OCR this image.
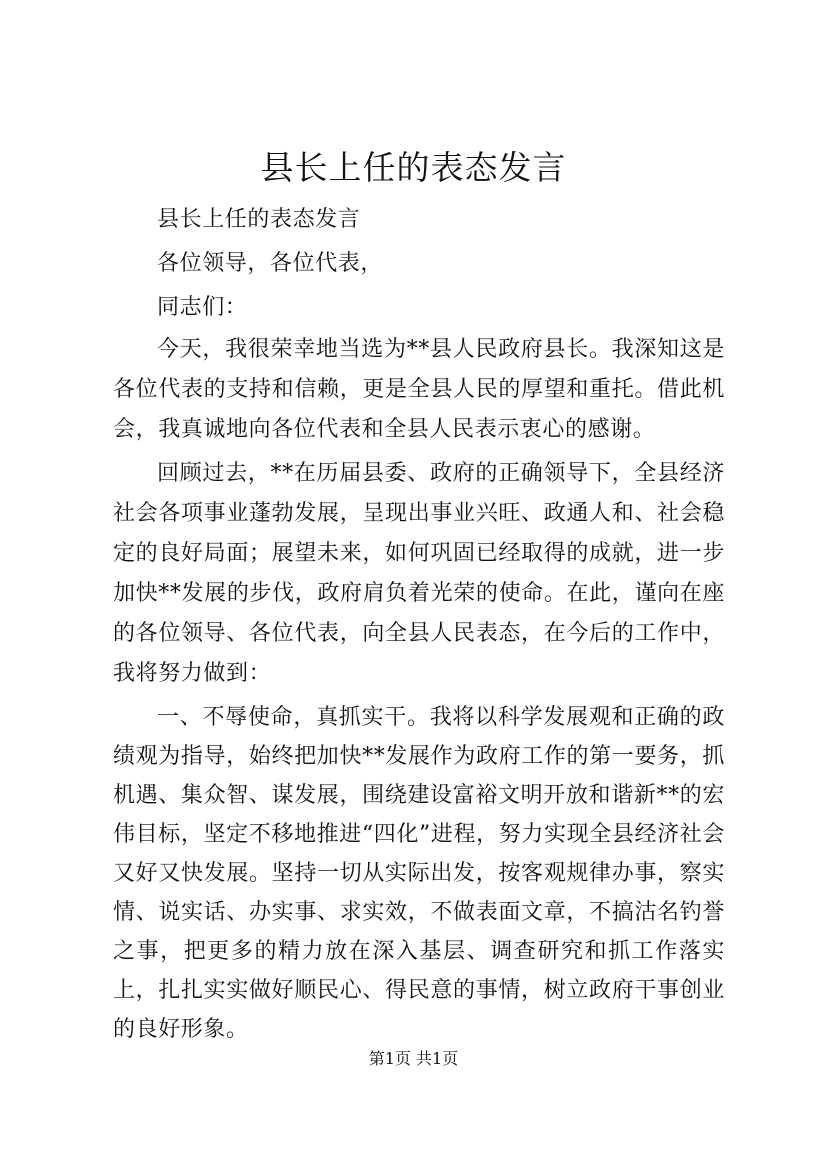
县长上任的表态发言

县长上任的表态发言

各位领导，各位代表，

同志们：

今天，我很荣幸地当选为**县人民政府县长。我深知这是各位代表的支持和信赖，更是全县人民的厚望和重托。借此机会，我真诚地向各位代表和全县人民表示衷心的感谢。

回顾过去，**在历届县委、政府的正确领导下，全县经济社会各项事业蓬勃发展，呈现出事业兴旺、政通人和、社会稳定的良好局面；展望未来，如何巩固已经取得的成就，进一步加快**发展的步伐，政府肩负着光荣的使命。在此，谨向在座的各位领导、各位代表，向全县人民表态，在今后的工作中，我将努力做到：

一、不辱使命，真抓实干。我将以科学发展观和正确的政绩观为指导，始终把加快**发展作为政府工作的第一要务，抓机遇、集众智、谋发展，围绕建设富裕文明开放和谐新**的宏伟目标，坚定不移地推进“四化”进程，努力实现全县经济社会又好又快发展。坚持一切从实际出发，按客观规律办事，察实情、说实话、办实事、求实效，不做表面文章，不搞沽名钓誉之事，把更多的精力放在深入基层、调查研究和抓工作落实上，扎扎实实做好顺民心、得民意的事情，树立政府干事创业的良好形象。

第1页 共1页
